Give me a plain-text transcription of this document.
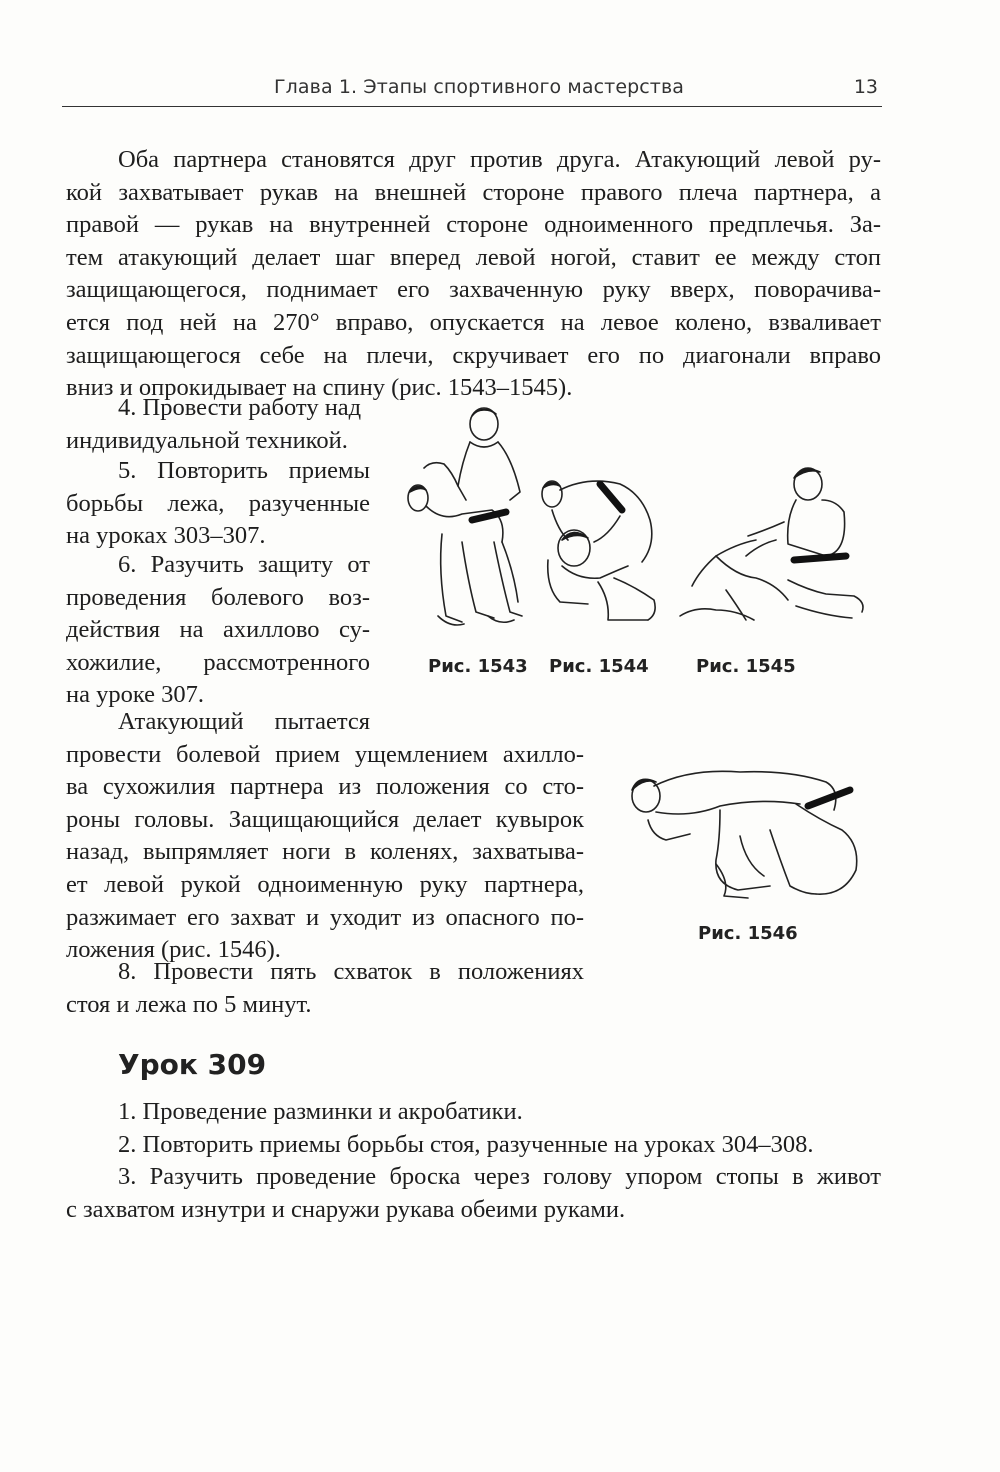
Глава 1. Этапы спортивного мастерства	13
Оба партнера становятся друг против друга. Атакующий левой ру-
кой захватывает рукав на внешней стороне правого плеча партнера, а
правой — рукав на внутренней стороне одноименного предплечья. За-
тем атакующий делает шаг вперед левой ногой, ставит ее между стоп
защищающегося, поднимает его захваченную руку вверх, поворачива-
ется под ней на 270° вправо, опускается на левое колено, взваливает
защищающегося себе на плечи, скручивает его по диагонали вправо
вниз и опрокидывает на спину (рис. 1543–1545).
4. Провести работу над
индивидуальной техникой.
5. Повторить приемы
борьбы лежа, разученные
на уроках 303–307.
6. Разучить защиту от
проведения болевого воз-
действия на ахиллово су-
хожилие, рассмотренного
на уроке 307.
Атакующий пытается
провести болевой прием ущемлением ахилло-
ва сухожилия партнера из положения со сто-
роны головы. Защищающийся делает кувырок
назад, выпрямляет ноги в коленях, захватыва-
ет левой рукой одноименную руку партнера,
разжимает его захват и уходит из опасного по-
ложения (рис. 1546).
8. Провести пять схваток в положениях
стоя и лежа по 5 минут.
Рис. 1543 Рис. 1544	Рис. 1545
Рис. 1546
Урок 309
1. Проведение разминки и акробатики.
2. Повторить приемы борьбы стоя, разученные на уроках 304–308.
3. Разучить проведение броска через голову упором стопы в живот
с захватом изнутри и снаружи рукава обеими руками.
